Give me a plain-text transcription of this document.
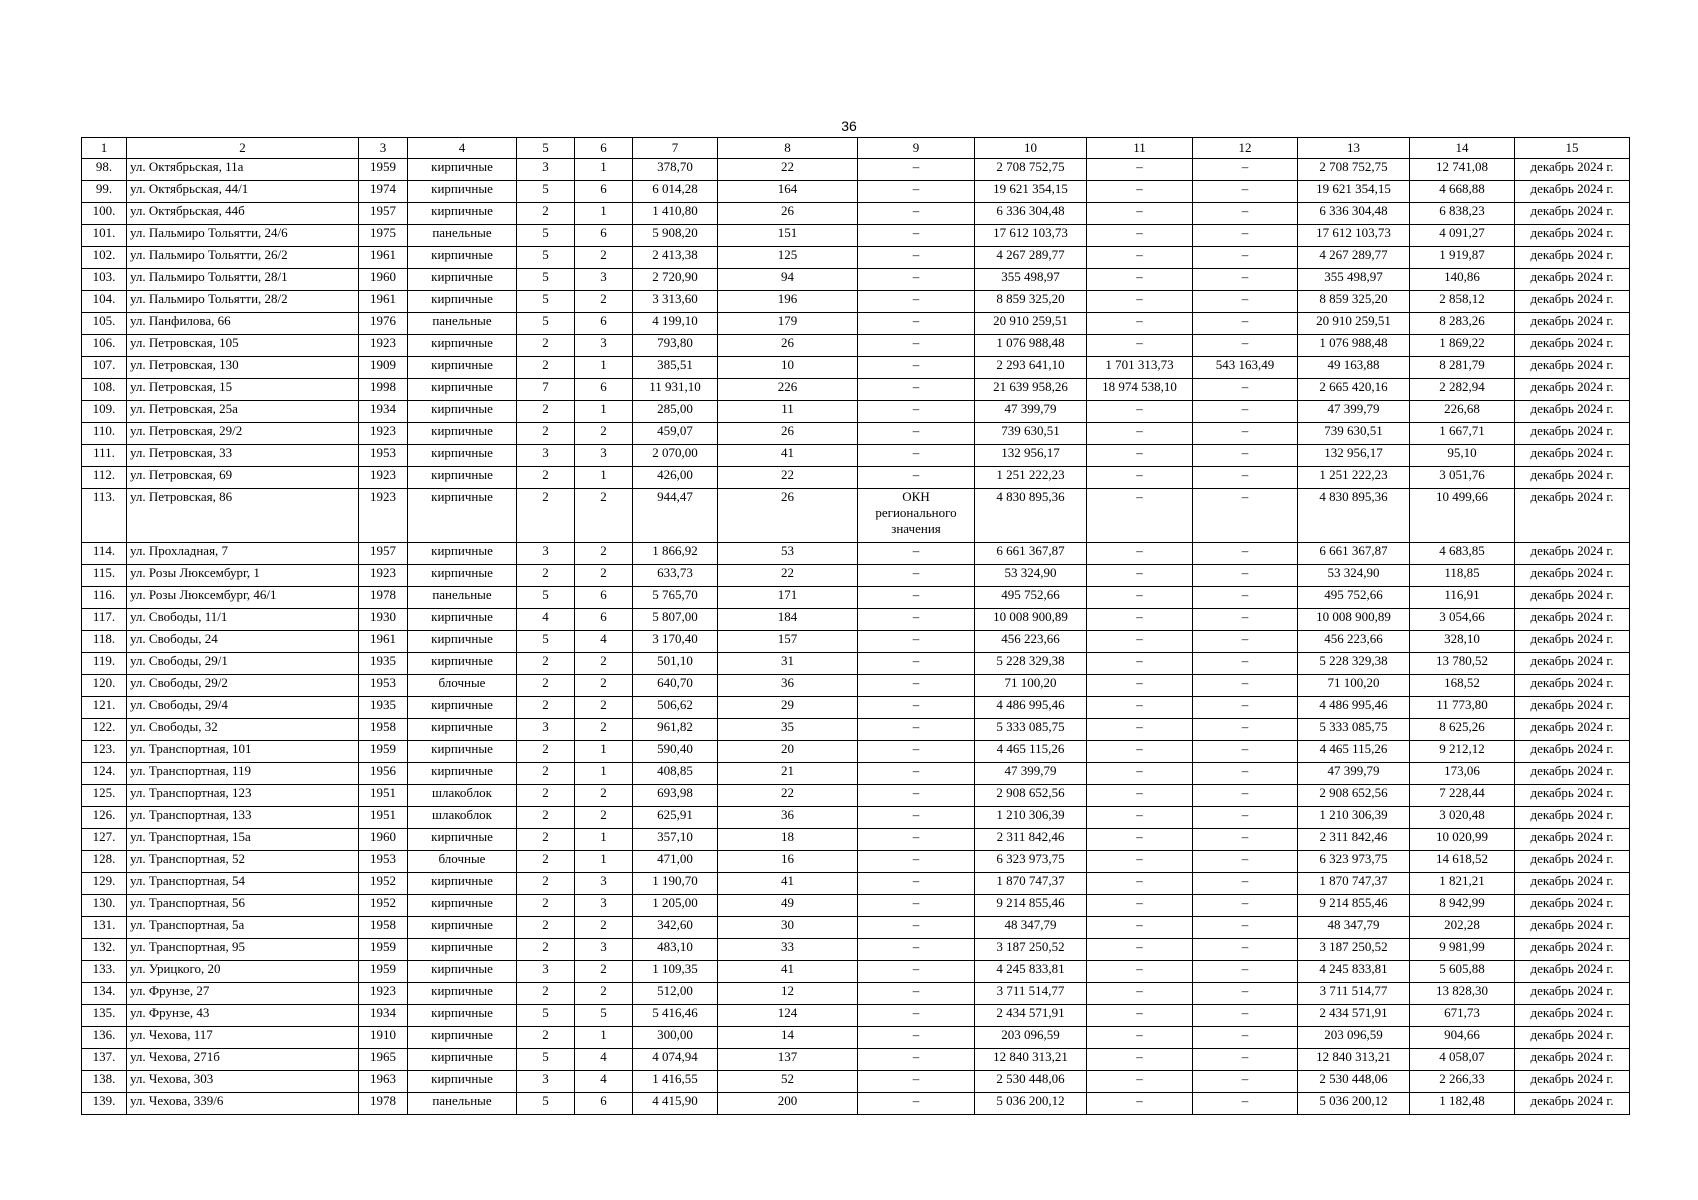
36
1	2	3	4	5	6	7	8	9	10	11	12	13	14	15
98.	ул. Октябрьская, 11а	1959	кирпичные	3	1	378,70	22	–	2 708 752,75	–	–	2 708 752,75	12 741,08	декабрь 2024 г.
99.	ул. Октябрьская, 44/1	1974	кирпичные	5	6	6 014,28	164	–	19 621 354,15	–	–	19 621 354,15	4 668,88	декабрь 2024 г.
100.	ул. Октябрьская, 44б	1957	кирпичные	2	1	1 410,80	26	–	6 336 304,48	–	–	6 336 304,48	6 838,23	декабрь 2024 г.
101.	ул. Пальмиро Тольятти, 24/6	1975	панельные	5	6	5 908,20	151	–	17 612 103,73	–	–	17 612 103,73	4 091,27	декабрь 2024 г.
102.	ул. Пальмиро Тольятти, 26/2	1961	кирпичные	5	2	2 413,38	125	–	4 267 289,77	–	–	4 267 289,77	1 919,87	декабрь 2024 г.
103.	ул. Пальмиро Тольятти, 28/1	1960	кирпичные	5	3	2 720,90	94	–	355 498,97	–	–	355 498,97	140,86	декабрь 2024 г.
104.	ул. Пальмиро Тольятти, 28/2	1961	кирпичные	5	2	3 313,60	196	–	8 859 325,20	–	–	8 859 325,20	2 858,12	декабрь 2024 г.
105.	ул. Панфилова, 66	1976	панельные	5	6	4 199,10	179	–	20 910 259,51	–	–	20 910 259,51	8 283,26	декабрь 2024 г.
106.	ул. Петровская, 105	1923	кирпичные	2	3	793,80	26	–	1 076 988,48	–	–	1 076 988,48	1 869,22	декабрь 2024 г.
107.	ул. Петровская, 130	1909	кирпичные	2	1	385,51	10	–	2 293 641,10	1 701 313,73	543 163,49	49 163,88	8 281,79	декабрь 2024 г.
108.	ул. Петровская, 15	1998	кирпичные	7	6	11 931,10	226	–	21 639 958,26	18 974 538,10	–	2 665 420,16	2 282,94	декабрь 2024 г.
109.	ул. Петровская, 25а	1934	кирпичные	2	1	285,00	11	–	47 399,79	–	–	47 399,79	226,68	декабрь 2024 г.
110.	ул. Петровская, 29/2	1923	кирпичные	2	2	459,07	26	–	739 630,51	–	–	739 630,51	1 667,71	декабрь 2024 г.
111.	ул. Петровская, 33	1953	кирпичные	3	3	2 070,00	41	–	132 956,17	–	–	132 956,17	95,10	декабрь 2024 г.
112.	ул. Петровская, 69	1923	кирпичные	2	1	426,00	22	–	1 251 222,23	–	–	1 251 222,23	3 051,76	декабрь 2024 г.
113.	ул. Петровская, 86	1923	кирпичные	2	2	944,47	26	ОКН регионального значения	4 830 895,36	–	–	4 830 895,36	10 499,66	декабрь 2024 г.
114.	ул. Прохладная, 7	1957	кирпичные	3	2	1 866,92	53	–	6 661 367,87	–	–	6 661 367,87	4 683,85	декабрь 2024 г.
115.	ул. Розы Люксембург, 1	1923	кирпичные	2	2	633,73	22	–	53 324,90	–	–	53 324,90	118,85	декабрь 2024 г.
116.	ул. Розы Люксембург, 46/1	1978	панельные	5	6	5 765,70	171	–	495 752,66	–	–	495 752,66	116,91	декабрь 2024 г.
117.	ул. Свободы, 11/1	1930	кирпичные	4	6	5 807,00	184	–	10 008 900,89	–	–	10 008 900,89	3 054,66	декабрь 2024 г.
118.	ул. Свободы, 24	1961	кирпичные	5	4	3 170,40	157	–	456 223,66	–	–	456 223,66	328,10	декабрь 2024 г.
119.	ул. Свободы, 29/1	1935	кирпичные	2	2	501,10	31	–	5 228 329,38	–	–	5 228 329,38	13 780,52	декабрь 2024 г.
120.	ул. Свободы, 29/2	1953	блочные	2	2	640,70	36	–	71 100,20	–	–	71 100,20	168,52	декабрь 2024 г.
121.	ул. Свободы, 29/4	1935	кирпичные	2	2	506,62	29	–	4 486 995,46	–	–	4 486 995,46	11 773,80	декабрь 2024 г.
122.	ул. Свободы, 32	1958	кирпичные	3	2	961,82	35	–	5 333 085,75	–	–	5 333 085,75	8 625,26	декабрь 2024 г.
123.	ул. Транспортная, 101	1959	кирпичные	2	1	590,40	20	–	4 465 115,26	–	–	4 465 115,26	9 212,12	декабрь 2024 г.
124.	ул. Транспортная, 119	1956	кирпичные	2	1	408,85	21	–	47 399,79	–	–	47 399,79	173,06	декабрь 2024 г.
125.	ул. Транспортная, 123	1951	шлакоблок	2	2	693,98	22	–	2 908 652,56	–	–	2 908 652,56	7 228,44	декабрь 2024 г.
126.	ул. Транспортная, 133	1951	шлакоблок	2	2	625,91	36	–	1 210 306,39	–	–	1 210 306,39	3 020,48	декабрь 2024 г.
127.	ул. Транспортная, 15а	1960	кирпичные	2	1	357,10	18	–	2 311 842,46	–	–	2 311 842,46	10 020,99	декабрь 2024 г.
128.	ул. Транспортная, 52	1953	блочные	2	1	471,00	16	–	6 323 973,75	–	–	6 323 973,75	14 618,52	декабрь 2024 г.
129.	ул. Транспортная, 54	1952	кирпичные	2	3	1 190,70	41	–	1 870 747,37	–	–	1 870 747,37	1 821,21	декабрь 2024 г.
130.	ул. Транспортная, 56	1952	кирпичные	2	3	1 205,00	49	–	9 214 855,46	–	–	9 214 855,46	8 942,99	декабрь 2024 г.
131.	ул. Транспортная, 5а	1958	кирпичные	2	2	342,60	30	–	48 347,79	–	–	48 347,79	202,28	декабрь 2024 г.
132.	ул. Транспортная, 95	1959	кирпичные	2	3	483,10	33	–	3 187 250,52	–	–	3 187 250,52	9 981,99	декабрь 2024 г.
133.	ул. Урицкого, 20	1959	кирпичные	3	2	1 109,35	41	–	4 245 833,81	–	–	4 245 833,81	5 605,88	декабрь 2024 г.
134.	ул. Фрунзе, 27	1923	кирпичные	2	2	512,00	12	–	3 711 514,77	–	–	3 711 514,77	13 828,30	декабрь 2024 г.
135.	ул. Фрунзе, 43	1934	кирпичные	5	5	5 416,46	124	–	2 434 571,91	–	–	2 434 571,91	671,73	декабрь 2024 г.
136.	ул. Чехова, 117	1910	кирпичные	2	1	300,00	14	–	203 096,59	–	–	203 096,59	904,66	декабрь 2024 г.
137.	ул. Чехова, 271б	1965	кирпичные	5	4	4 074,94	137	–	12 840 313,21	–	–	12 840 313,21	4 058,07	декабрь 2024 г.
138.	ул. Чехова, 303	1963	кирпичные	3	4	1 416,55	52	–	2 530 448,06	–	–	2 530 448,06	2 266,33	декабрь 2024 г.
139.	ул. Чехова, 339/6	1978	панельные	5	6	4 415,90	200	–	5 036 200,12	–	–	5 036 200,12	1 182,48	декабрь 2024 г.
